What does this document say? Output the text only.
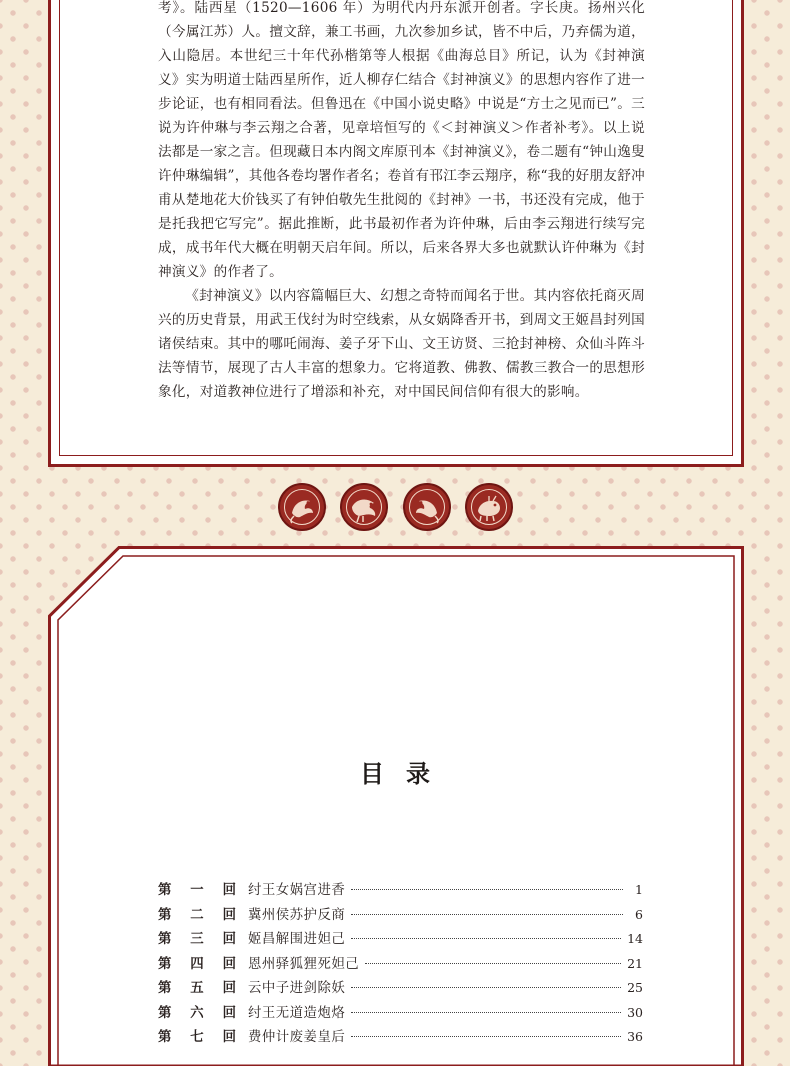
考》。陆西星（1520—1606 年）为明代内丹东派开创者。字长庚。扬州兴化（今属江苏）人。擅文辞，兼工书画，九次参加乡试，皆不中后，乃弃儒为道，入山隐居。本世纪三十年代孙楷第等人根据《曲海总目》所记，认为《封神演义》实为明道士陆西星所作，近人柳存仁结合《封神演义》的思想内容作了进一步论证，也有相同看法。但鲁迅在《中国小说史略》中说是“方士之见而已”。三说为许仲琳与李云翔之合著，见章培恒写的《＜封神演义＞作者补考》。以上说法都是一家之言。但现藏日本内阁文库原刊本《封神演义》，卷二题有“钟山逸叟许仲琳编辑”，其他各卷均署作者名；卷首有邗江李云翔序，称“我的好朋友舒冲甫从楚地花大价钱买了有钟伯敬先生批阅的《封神》一书，书还没有完成，他于是托我把它写完”。据此推断，此书最初作者为许仲琳，后由李云翔进行续写完成，成书年代大概在明朝天启年间。所以，后来各界大多也就默认许仲琳为《封神演义》的作者了。

《封神演义》以内容篇幅巨大、幻想之奇特而闻名于世。其内容依托商灭周兴的历史背景，用武王伐纣为时空线索，从女娲降香开书，到周文王姬昌封列国诸侯结束。其中的哪吒闹海、姜子牙下山、文王访贤、三抢封神榜、众仙斗阵斗法等情节，展现了古人丰富的想象力。它将道教、佛教、儒教三教合一的思想形象化，对道教神位进行了增添和补充，对中国民间信仰有很大的影响。

目录
第 一 回 纣王女娲宫进香	1
第 二 回 冀州侯苏护反商	6
第 三 回 姬昌解围进妲己	14
第 四 回 恩州驿狐狸死妲己	21
第 五 回 云中子进剑除妖	25
第 六 回 纣王无道造炮烙	30
第 七 回 费仲计废姜皇后	36
